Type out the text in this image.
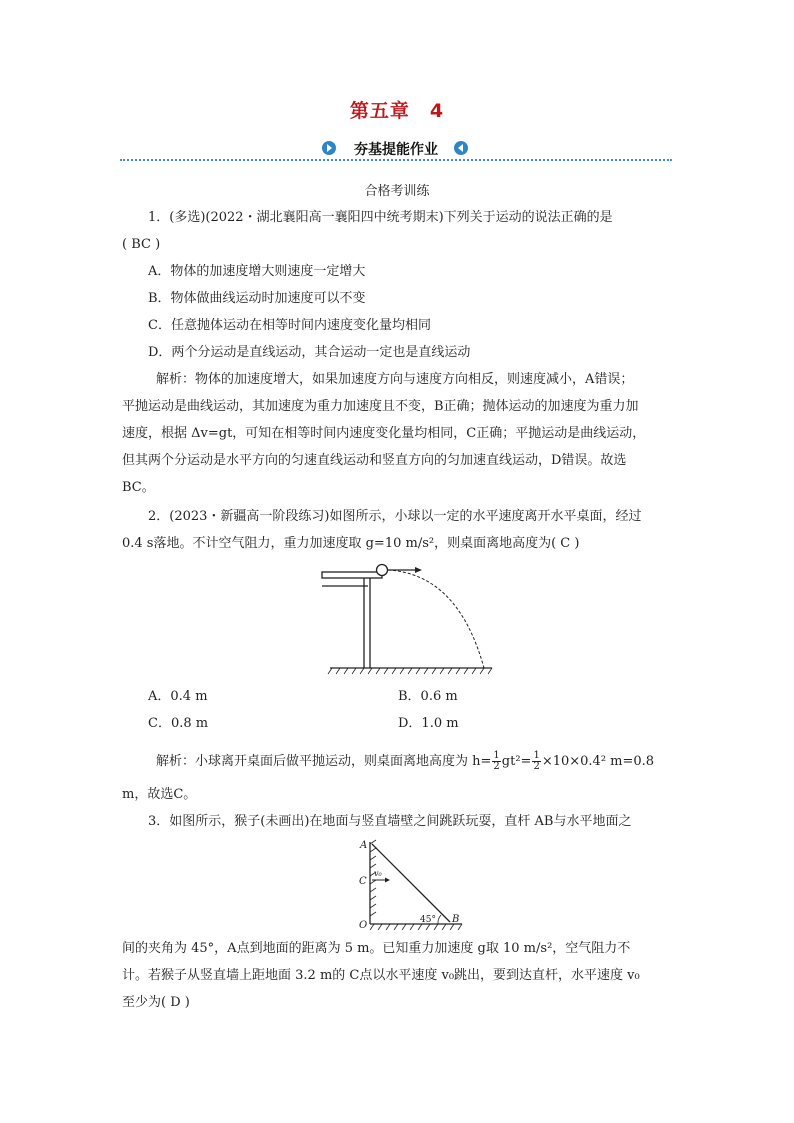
第五章　4
夯基提能作业
合格考训练
1．(多选)(2022・湖北襄阳高一襄阳四中统考期末)下列关于运动的说法正确的是
( BC )
A．物体的加速度增大则速度一定增大
B．物体做曲线运动时加速度可以不变
C．任意抛体运动在相等时间内速度变化量均相同
D．两个分运动是直线运动，其合运动一定也是直线运动
解析：物体的加速度增大，如果加速度方向与速度方向相反，则速度减小，A错误；
平抛运动是曲线运动，其加速度为重力加速度且不变，B正确；抛体运动的加速度为重力加
速度，根据 Δv=gt，可知在相等时间内速度变化量均相同，C正确；平抛运动是曲线运动，
但其两个分运动是水平方向的匀速直线运动和竖直方向的匀加速直线运动，D错误。故选
BC。
2．(2023・新疆高一阶段练习)如图所示，小球以一定的水平速度离开水平桌面，经过
0.4 s落地。不计空气阻力，重力加速度取 g=10 m/s²，则桌面离地高度为( C )
A．0.4 m	B．0.6 m
C．0.8 m	D．1.0 m
解析：小球离开桌面后做平抛运动，则桌面离地高度为 $h= \frac{1}{2} gt^2= \frac{1}{2} \times 10\times 0.4^2$ m=0.8
m，故选C。
3．如图所示，猴子(未画出)在地面与竖直墙壁之间跳跃玩耍，直杆 AB与水平地面之
A
C
O
B
v₀
45°
间的夹角为 45°，A点到地面的距离为 5 m。已知重力加速度 g取 10 m/s²，空气阻力不
计。若猴子从竖直墙上距地面 3.2 m的 C点以水平速度 v₀跳出，要到达直杆，水平速度 v₀
至少为( D )
